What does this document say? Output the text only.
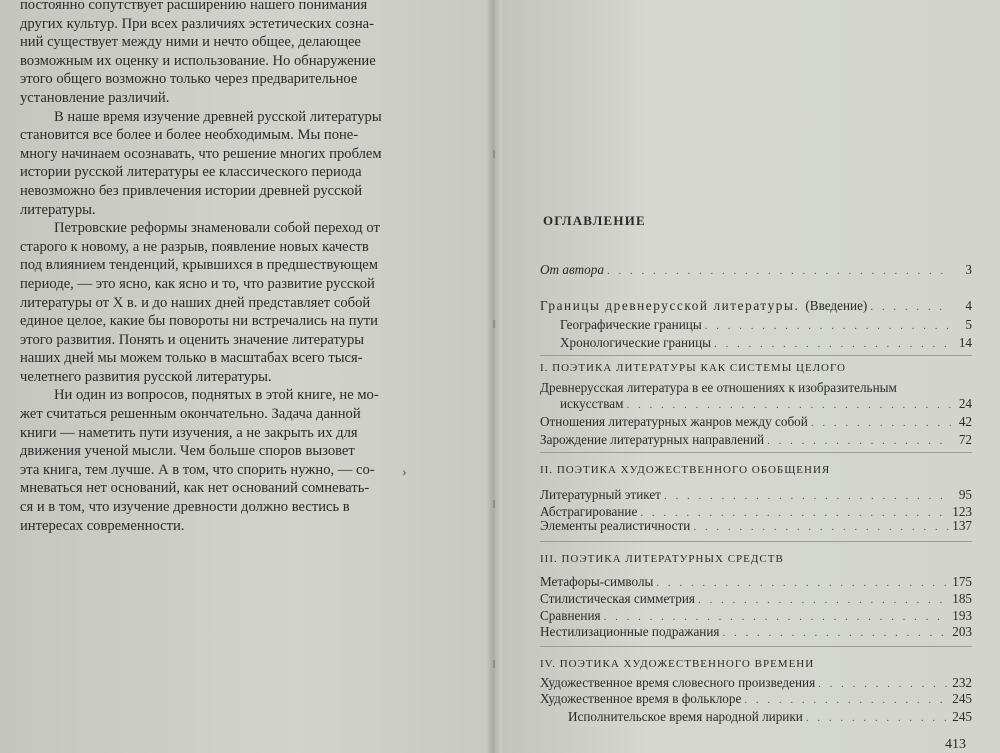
постоянно сопутствует расширению нашего понимания
других культур. При всех различиях эстетических созна-
ний существует между ними и нечто общее, делающее
возможным их оценку и использование. Но обнаружение
этого общего возможно только через предварительное
установление различий.

В наше время изучение древней русской литературы
становится все более и более необходимым. Мы поне-
многу начинаем осознавать, что решение многих проблем
истории русской литературы ее классического периода
невозможно без привлечения истории древней русской
литературы.

Петровские реформы знаменовали собой переход от
старого к новому, а не разрыв, появление новых качеств
под влиянием тенденций, крывшихся в предшествующем
периоде, — это ясно, как ясно и то, что развитие русской
литературы от X в. и до наших дней представляет собой
единое целое, какие бы повороты ни встречались на пути
этого развития. Понять и оценить значение литературы
наших дней мы можем только в масштабах всего тыся-
челетнего развития русской литературы.

Ни один из вопросов, поднятых в этой книге, не мо-
жет считаться решенным окончательно. Задача данной
книги — наметить пути изучения, а не закрыть их для
движения ученой мысли. Чем больше споров вызовет
эта книга, тем лучше. А в том, что спорить нужно, — со-
мневаться нет оснований, как нет оснований сомневать-
ся и в том, что изучение древности должно вестись в
интересах современности.

›
ОГЛАВЛЕНИЕ
От автора . . .	3
Границы древнерусской литературы. (Введение) . . .	4
Географические границы . . .	5
Хронологические границы . . .	14
I. ПОЭТИКА ЛИТЕРАТУРЫ КАК СИСТЕМЫ ЦЕЛОГО
Древнерусская литература в ее отношениях к изобразительным
искусствам . . .	24
Отношения литературных жанров между собой . . .	42
Зарождение литературных направлений . . .	72
II. ПОЭТИКА ХУДОЖЕСТВЕННОГО ОБОБЩЕНИЯ
Литературный этикет . . .	95
Абстрагирование . . .	123
Элементы реалистичности . . .	137
III. ПОЭТИКА ЛИТЕРАТУРНЫХ СРЕДСТВ
Метафоры-символы . . .	175
Стилистическая симметрия . . .	185
Сравнения . . .	193
Нестилизационные подражания . . .	203
IV. ПОЭТИКА ХУДОЖЕСТВЕННОГО ВРЕМЕНИ
Художественное время словесного произведения . . .	232
Художественное время в фольклоре . . .	245
Исполнительское время народной лирики . . .	245
413
